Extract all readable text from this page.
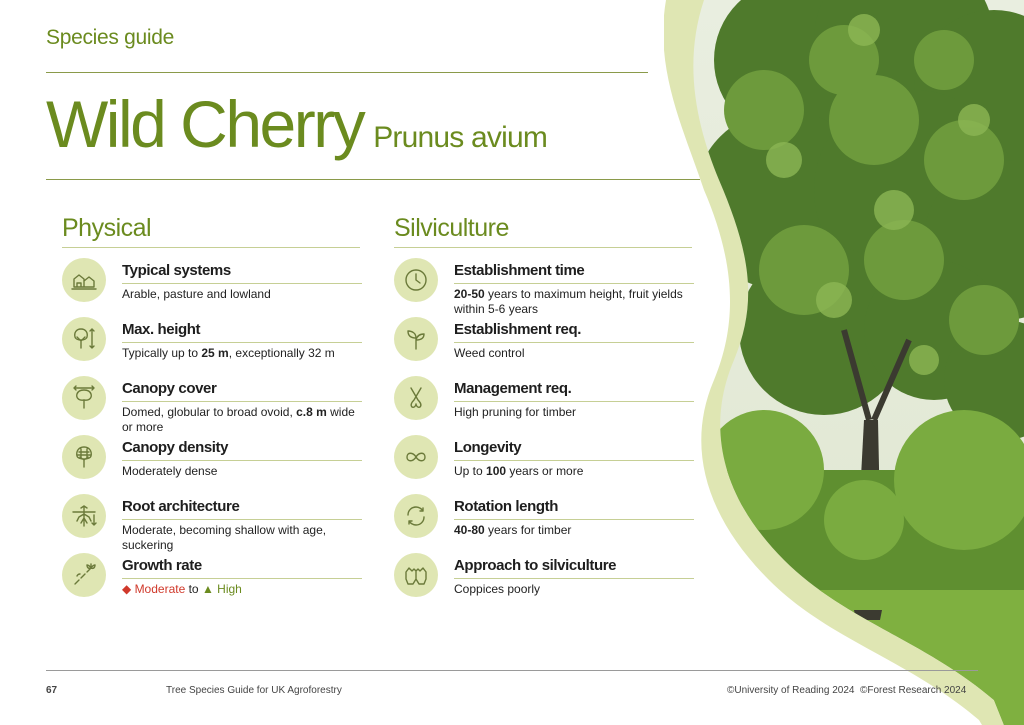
Species guide
Wild Cherry Prunus avium
Physical	Silviculture
Typical systems
Arable, pasture and lowland
Max. height
Typically up to 25 m, exceptionally 32 m
Canopy cover
Domed, globular to broad ovoid, c.8 m wide or more
Canopy density
Moderately dense
Root architecture
Moderate, becoming shallow with age, suckering
Growth rate
◆ Moderate to ▲ High
Establishment time
20-50 years to maximum height, fruit yields within 5-6 years
Establishment req.
Weed control
Management req.
High pruning for timber
Longevity
Up to 100 years or more
Rotation length
40-80 years for timber
Approach to silviculture
Coppices poorly
67	Tree Species Guide for UK Agroforestry	©University of Reading 2024  ©Forest Research 2024
